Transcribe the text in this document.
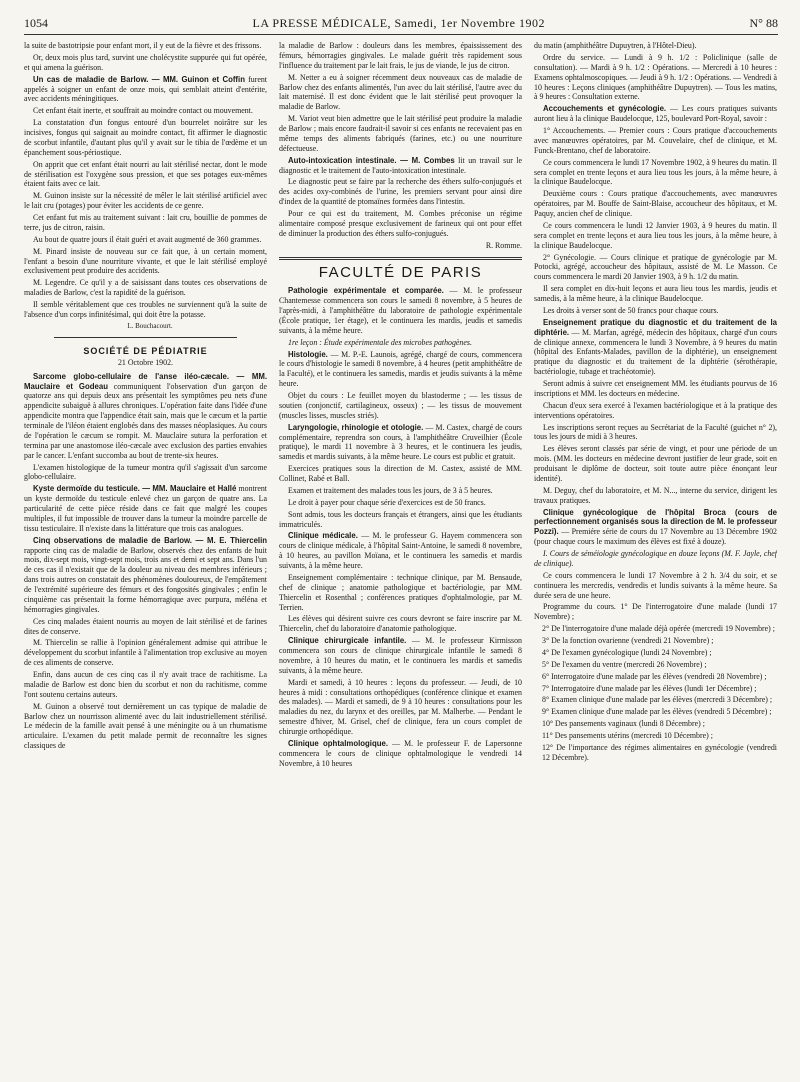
1054	LA PRESSE MÉDICALE, Samedi, 1er Novembre 1902	N° 88

la suite de bastotripsie pour enfant mort, il y eut de la fièvre et des frissons.

Or, deux mois plus tard, survint une cholécystite suppurée qui fut opérée, et qui amena la guérison.

Un cas de maladie de Barlow. — MM. Guinon et Coffin furent appelés à soigner un enfant de onze mois, qui semblait atteint d'entérite, avec accidents méningitiques.

Cet enfant était inerte, et souffrait au moindre contact ou mouvement.

La constatation d'un fongus entouré d'un bourrelet noirâtre sur les incisives, fongus qui saignait au moindre contact, fit affirmer le diagnostic de scorbut infantile, d'autant plus qu'il y avait sur le tibia de l'œdème et un épanchement sous-périostique.

On apprit que cet enfant était nourri au lait stérilisé nectar, dont le mode de stérilisation est l'oxygène sous pression, et que ses potages eux-mêmes étaient faits avec ce lait.

M. Guinon insiste sur la nécessité de mêler le lait stérilisé artificiel avec le lait cru (potages) pour éviter les accidents de ce genre.

Cet enfant fut mis au traitement suivant : lait cru, bouillie de pommes de terre, jus de citron, raisin.

Au bout de quatre jours il était guéri et avait augmenté de 360 grammes.

M. Pinard insiste de nouveau sur ce fait que, à un certain moment, l'enfant a besoin d'une nourriture vivante, et que le lait stérilisé employé exclusivement peut produire des accidents.

M. Legendre. Ce qu'il y a de saisissant dans toutes ces observations de maladies de Barlow, c'est la rapidité de la guérison.

Il semble véritablement que ces troubles ne surviennent qu'à la suite de l'absence d'un corps infinitésimal, qui doit être la potasse.

L. Bouchacourt.

SOCIÉTÉ DE PÉDIATRIE
21 Octobre 1902.

Sarcome globo-cellulaire de l'anse iléo-cæcale. — MM. Mauclaire et Godeau communiquent l'observation d'un garçon de quatorze ans qui depuis deux ans présentait les symptômes peu nets d'une appendicite subaiguë à allures chroniques. L'opération faite dans l'idée d'une appendicite montra que l'appendice était sain, mais que le cæcum et la partie terminale de l'iléon étaient englobés dans des masses néoplasiques. Au cours de l'opération le cæcum se rompit. M. Mauclaire sutura la perforation et termina par une anastomose iléo-cæcale avec exclusion des parties envahies par le cancer. L'enfant succomba au bout de trente-six heures.

L'examen histologique de la tumeur montra qu'il s'agissait d'un sarcome globo-cellulaire.

Kyste dermoïde du testicule. — MM. Mauclaire et Hallé montrent un kyste dermoïde du testicule enlevé chez un garçon de quatre ans. La particularité de cette pièce réside dans ce fait que malgré les coupes multiples, il fut impossible de trouver dans la tumeur la moindre parcelle de tissu testiculaire. Il n'existe dans la littérature que trois cas analogues.

Cinq observations de maladie de Barlow. — M. E. Thiercelin rapporte cinq cas de maladie de Barlow, observés chez des enfants de huit mois, dix-sept mois, vingt-sept mois, trois ans et demi et sept ans. Dans l'un de ces cas il n'existait que de la douleur au niveau des membres inférieurs ; dans trois autres on constatait des phénomènes douloureux, de l'empâtement de l'extrémité supérieure des fémurs et des fongosités gingivales ; enfin le cinquième cas présentait la forme hémorragique avec purpura, méléna et hémorragies gingivales.

Ces cinq malades étaient nourris au moyen de lait stérilisé et de farines dites de conserve.

M. Thiercelin se rallie à l'opinion généralement admise qui attribue le développement du scorbut infantile à l'alimentation trop exclusive au moyen de ces aliments de conserve.

Enfin, dans aucun de ces cinq cas il n'y avait trace de rachitisme. La maladie de Barlow est donc bien du scorbut et non du rachitisme, comme l'ont soutenu certains auteurs.

M. Guinon a observé tout dernièrement un cas typique de maladie de Barlow chez un nourrisson alimenté avec du lait industriellement stérilisé. Le médecin de la famille avait pensé à une méningite ou à un rhumatisme articulaire. L'examen du petit malade permit de reconnaître les signes classiques de

la maladie de Barlow : douleurs dans les membres, épaississement des fémurs, hémorragies gingivales. Le malade guérit très rapidement sous l'influence du traitement par le lait frais, le jus de viande, le jus de citron.

M. Netter a eu à soigner récemment deux nouveaux cas de maladie de Barlow chez des enfants alimentés, l'un avec du lait stérilisé, l'autre avec du lait maternisé. Il est donc évident que le lait stérilisé peut provoquer la maladie de Barlow.

M. Variot veut bien admettre que le lait stérilisé peut produire la maladie de Barlow ; mais encore faudrait-il savoir si ces enfants ne recevaient pas en même temps des aliments fabriqués (farines, etc.) ou une nourriture défectueuse.

Auto-intoxication intestinale. — M. Combes lit un travail sur le diagnostic et le traitement de l'auto-intoxication intestinale.

Le diagnostic peut se faire par la recherche des éthers sulfo-conjugués et des acides oxy-combinés de l'urine, les premiers servant pour ainsi dire d'index de la quantité de ptomaïnes formées dans l'intestin.

Pour ce qui est du traitement, M. Combes préconise un régime alimentaire composé presque exclusivement de farineux qui ont pour effet de diminuer la production des éthers sulfo-conjugués.

R. Romme.

FACULTÉ DE PARIS

Pathologie expérimentale et comparée. — M. le professeur Chantemesse commencera son cours le samedi 8 novembre, à 5 heures de l'après-midi, à l'amphithéâtre du laboratoire de pathologie expérimentale (École pratique, 1er étage), et le continuera les mardis, jeudis et samedis suivants, à la même heure.

1re leçon : Étude expérimentale des microbes pathogènes.

Histologie. — M. P.-E. Launois, agrégé, chargé de cours, commencera le cours d'histologie le samedi 8 novembre, à 4 heures (petit amphithéâtre de la Faculté), et le continuera les samedis, mardis et jeudis suivants à la même heure.

Objet du cours : Le feuillet moyen du blastoderme ; — les tissus de soutien (conjonctif, cartilagineux, osseux) ; — les tissus de mouvement (muscles lisses, muscles striés).

Laryngologie, rhinologie et otologie. — M. Castex, chargé de cours complémentaire, reprendra son cours, à l'amphithéâtre Cruveilhier (École pratique), le mardi 11 novembre à 3 heures, et le continuera les jeudis, samedis et mardis suivants, à la même heure. Le cours est public et gratuit.

Exercices pratiques sous la direction de M. Castex, assisté de MM. Collinet, Rabé et Ball.

Examen et traitement des malades tous les jours, de 3 à 5 heures.

Le droit à payer pour chaque série d'exercices est de 50 francs.

Sont admis, tous les docteurs français et étrangers, ainsi que les étudiants immatriculés.

Clinique médicale. — M. le professeur G. Hayem commencera son cours de clinique médicale, à l'hôpital Saint-Antoine, le samedi 8 novembre, à 10 heures, au pavillon Moïana, et le continuera les samedis et mardis suivants, à la même heure.

Enseignement complémentaire : technique clinique, par M. Bensaude, chef de clinique ; anatomie pathologique et bactériologie, par MM. Thiercelin et Rosenthal ; conférences pratiques d'ophtalmologie, par M. Terrien.

Les élèves qui désirent suivre ces cours devront se faire inscrire par M. Thiercelin, chef du laboratoire d'anatomie pathologique.

Clinique chirurgicale infantile. — M. le professeur Kirmisson commencera son cours de clinique chirurgicale infantile le samedi 8 novembre, à 10 heures du matin, et le continuera les mardis et samedis suivants, à la même heure.

Mardi et samedi, à 10 heures : leçons du professeur. — Jeudi, de 10 heures à midi : consultations orthopédiques (conférence clinique et examen des malades). — Mardi et samedi, de 9 à 10 heures : consultations pour les maladies du nez, du larynx et des oreilles, par M. Malherbe. — Pendant le semestre d'hiver, M. Grisel, chef de clinique, fera un cours complet de chirurgie orthopédique.

Clinique ophtalmologique. — M. le professeur F. de Lapersonne commencera le cours de clinique ophtalmologique le vendredi 14 Novembre, à 10 heures

du matin (amphithéâtre Dupuytren, à l'Hôtel-Dieu).

Ordre du service. — Lundi à 9 h. 1/2 : Policlinique (salle de consultation). — Mardi à 9 h. 1/2 : Opérations. — Mercredi à 10 heures : Examens ophtalmoscopiques. — Jeudi à 9 h. 1/2 : Opérations. — Vendredi à 10 heures : Leçons cliniques (amphithéâtre Dupuytren). — Tous les matins, à 9 heures : Consultation externe.

Accouchements et gynécologie. — Les cours pratiques suivants auront lieu à la clinique Baudelocque, 125, boulevard Port-Royal, savoir :

1° Accouchements. — Premier cours : Cours pratique d'accouchements avec manœuvres opératoires, par M. Couvelaire, chef de clinique, et M. Funck-Brentano, chef de laboratoire.

Ce cours commencera le lundi 17 Novembre 1902, à 9 heures du matin. Il sera complet en trente leçons et aura lieu tous les jours, à la même heure, à la clinique Baudelocque.

Deuxième cours : Cours pratique d'accouchements, avec manœuvres opératoires, par M. Bouffe de Saint-Blaise, accoucheur des hôpitaux, et M. Paquy, ancien chef de clinique.

Ce cours commencera le lundi 12 Janvier 1903, à 9 heures du matin. Il sera complet en trente leçons et aura lieu tous les jours, à la même heure, à la clinique Baudelocque.

2° Gynécologie. — Cours clinique et pratique de gynécologie par M. Potocki, agrégé, accoucheur des hôpitaux, assisté de M. Le Masson. Ce cours commencera le mardi 20 Janvier 1903, à 9 h. 1/2 du matin.

Il sera complet en dix-huit leçons et aura lieu tous les mardis, jeudis et samedis, à la même heure, à la clinique Baudelocque.

Les droits à verser sont de 50 francs pour chaque cours.

Enseignement pratique du diagnostic et du traitement de la diphtérie. — M. Marfan, agrégé, médecin des hôpitaux, chargé d'un cours de clinique annexe, commencera le lundi 3 Novembre, à 9 heures du matin (hôpital des Enfants-Malades, pavillon de la diphtérie), un enseignement pratique du diagnostic et du traitement de la diphtérie (sérothérapie, bactériologie, tubage et trachéotomie).

Seront admis à suivre cet enseignement MM. les étudiants pourvus de 16 inscriptions et MM. les docteurs en médecine.

Chacun d'eux sera exercé à l'examen bactériologique et à la pratique des interventions opératoires.

Les inscriptions seront reçues au Secrétariat de la Faculté (guichet n° 2), tous les jours de midi à 3 heures.

Les élèves seront classés par série de vingt, et pour une période de un mois. (MM. les docteurs en médecine devront justifier de leur grade, soit en produisant le diplôme de docteur, soit toute autre pièce énonçant leur identité).

M. Deguy, chef du laboratoire, et M. N..., interne du service, dirigent les travaux pratiques.

Clinique gynécologique de l'hôpital Broca (cours de perfectionnement organisés sous la direction de M. le professeur Pozzi). — Premiére série de cours du 17 Novembre au 13 Décembre 1902 (pour chaque cours le maximum des élèves est fixé à douze).

I. Cours de séméiologie gynécologique en douze leçons (M. F. Jayle, chef de clinique).

Ce cours commencera le lundi 17 Novembre à 2 h. 3/4 du soir, et se continuera les mercredis, vendredis et lundis suivants à la même heure. Sa durée sera de une heure.

Programme du cours. 1° De l'interrogatoire d'une malade (lundi 17 Novembre) ;

2° De l'interrogatoire d'une malade déjà opérée (mercredi 19 Novembre) ;

3° De la fonction ovarienne (vendredi 21 Novembre) ;

4° De l'examen gynécologique (lundi 24 Novembre) ;

5° De l'examen du ventre (mercredi 26 Novembre) ;

6° Interrogatoire d'une malade par les élèves (vendredi 28 Novembre) ;

7° Interrogatoire d'une malade par les élèves (lundi 1er Décembre) ;

8° Examen clinique d'une malade par les élèves (mercredi 3 Décembre) ;

9° Examen clinique d'une malade par les élèves (vendredi 5 Décembre) ;

10° Des pansements vaginaux (lundi 8 Décembre) ;

11° Des pansements utérins (mercredi 10 Décembre) ;

12° De l'importance des régimes alimentaires en gynécologie (vendredi 12 Décembre).
